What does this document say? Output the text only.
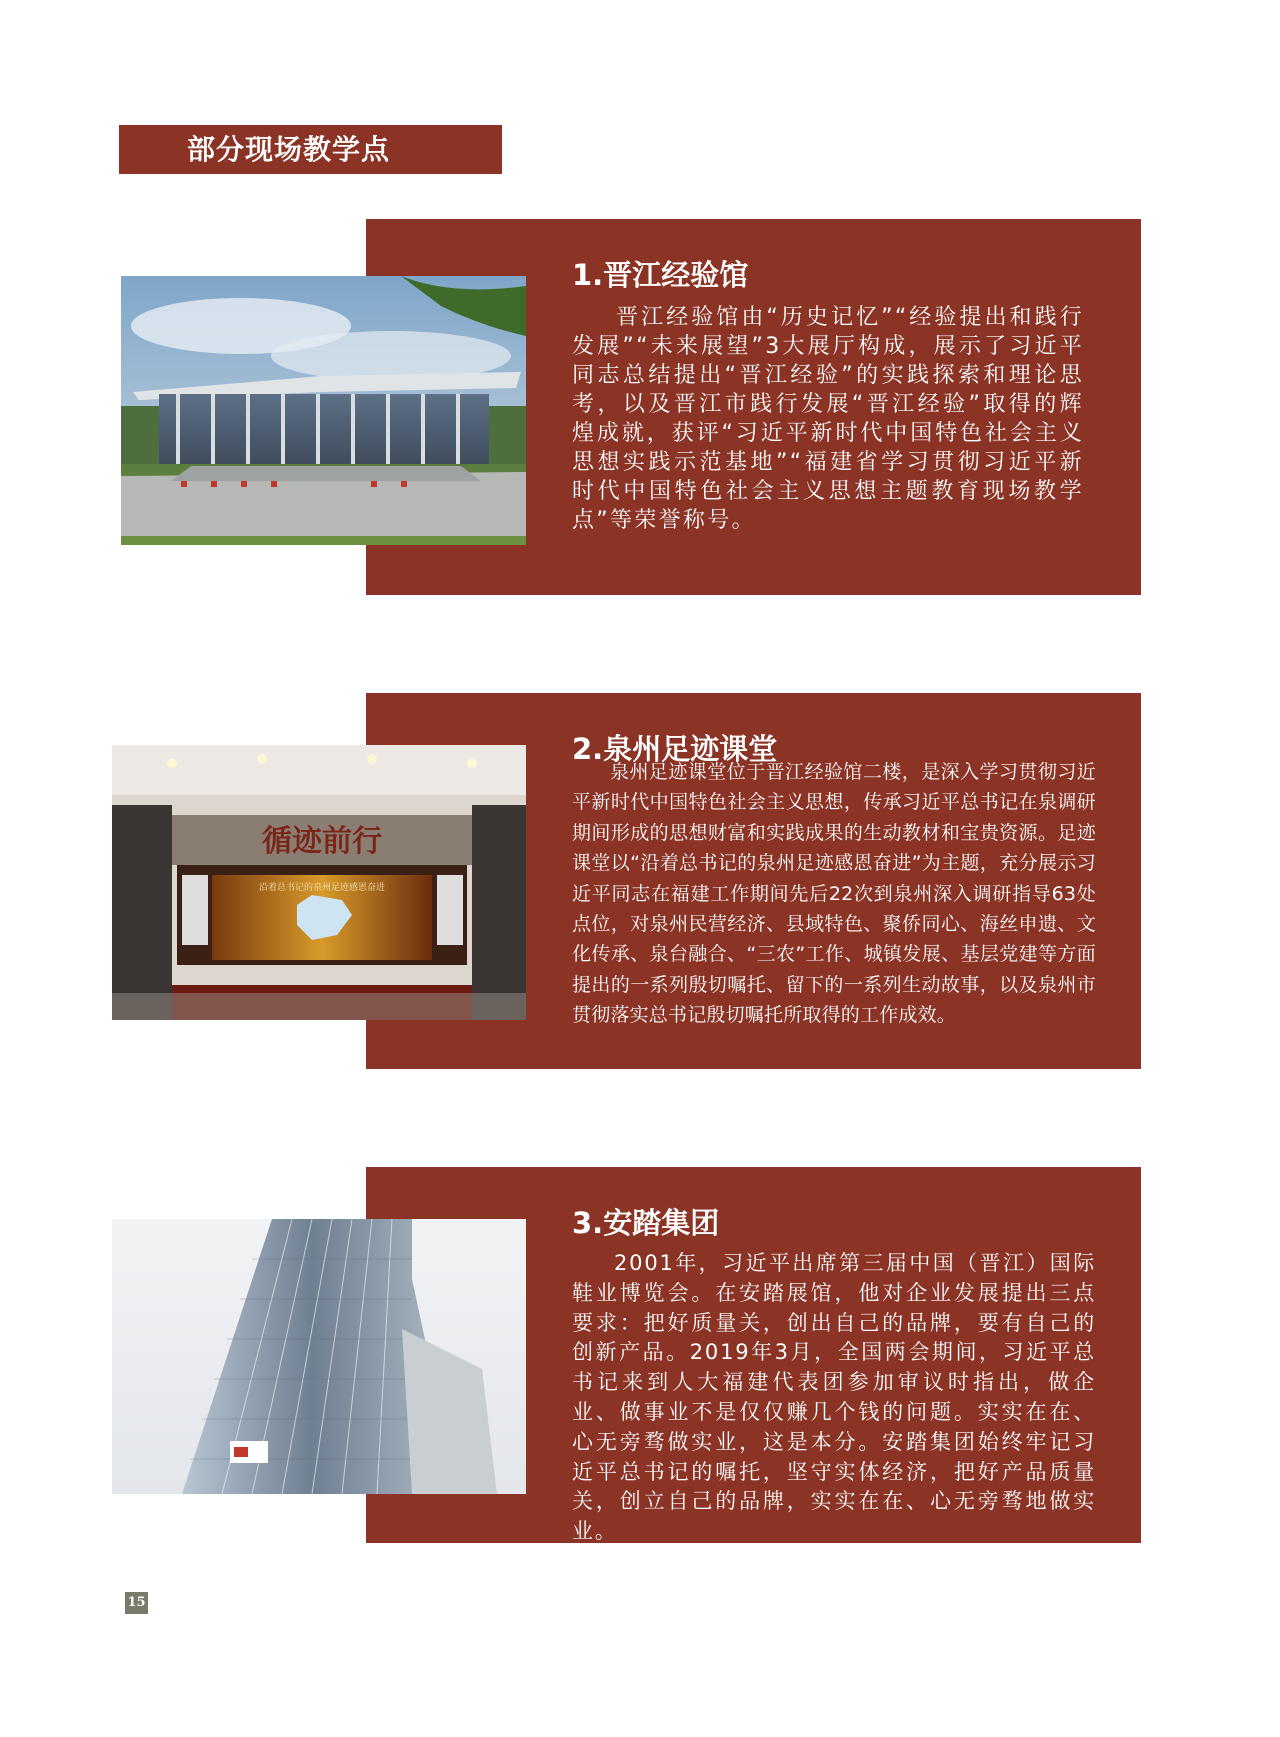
部分现场教学点
1.晋江经验馆

晋江经验馆由“历史记忆”“经验提出和践行发展”“未来展望”3大展厅构成，展示了习近平同志总结提出“晋江经验”的实践探索和理论思考，以及晋江市践行发展“晋江经验”取得的辉煌成就，获评“习近平新时代中国特色社会主义思想实践示范基地”“福建省学习贯彻习近平新时代中国特色社会主义思想主题教育现场教学点”等荣誉称号。

2.泉州足迹课堂

泉州足迹课堂位于晋江经验馆二楼，是深入学习贯彻习近平新时代中国特色社会主义思想，传承习近平总书记在泉调研期间形成的思想财富和实践成果的生动教材和宝贵资源。足迹课堂以“沿着总书记的泉州足迹感恩奋进”为主题，充分展示习近平同志在福建工作期间先后22次到泉州深入调研指导63处点位，对泉州民营经济、县域特色、聚侨同心、海丝申遗、文化传承、泉台融合、“三农”工作、城镇发展、基层党建等方面提出的一系列殷切嘱托、留下的一系列生动故事，以及泉州市贯彻落实总书记殷切嘱托所取得的工作成效。

循迹前行
沿着总书记的泉州足迹感恩奋进
3.安踏集团

2001年，习近平出席第三届中国（晋江）国际鞋业博览会。在安踏展馆，他对企业发展提出三点要求：把好质量关，创出自己的品牌，要有自己的创新产品。2019年3月，全国两会期间，习近平总书记来到人大福建代表团参加审议时指出，做企业、做事业不是仅仅赚几个钱的问题。实实在在、心无旁骛做实业，这是本分。安踏集团始终牢记习近平总书记的嘱托，坚守实体经济，把好产品质量关，创立自己的品牌，实实在在、心无旁骛地做实业。

15
